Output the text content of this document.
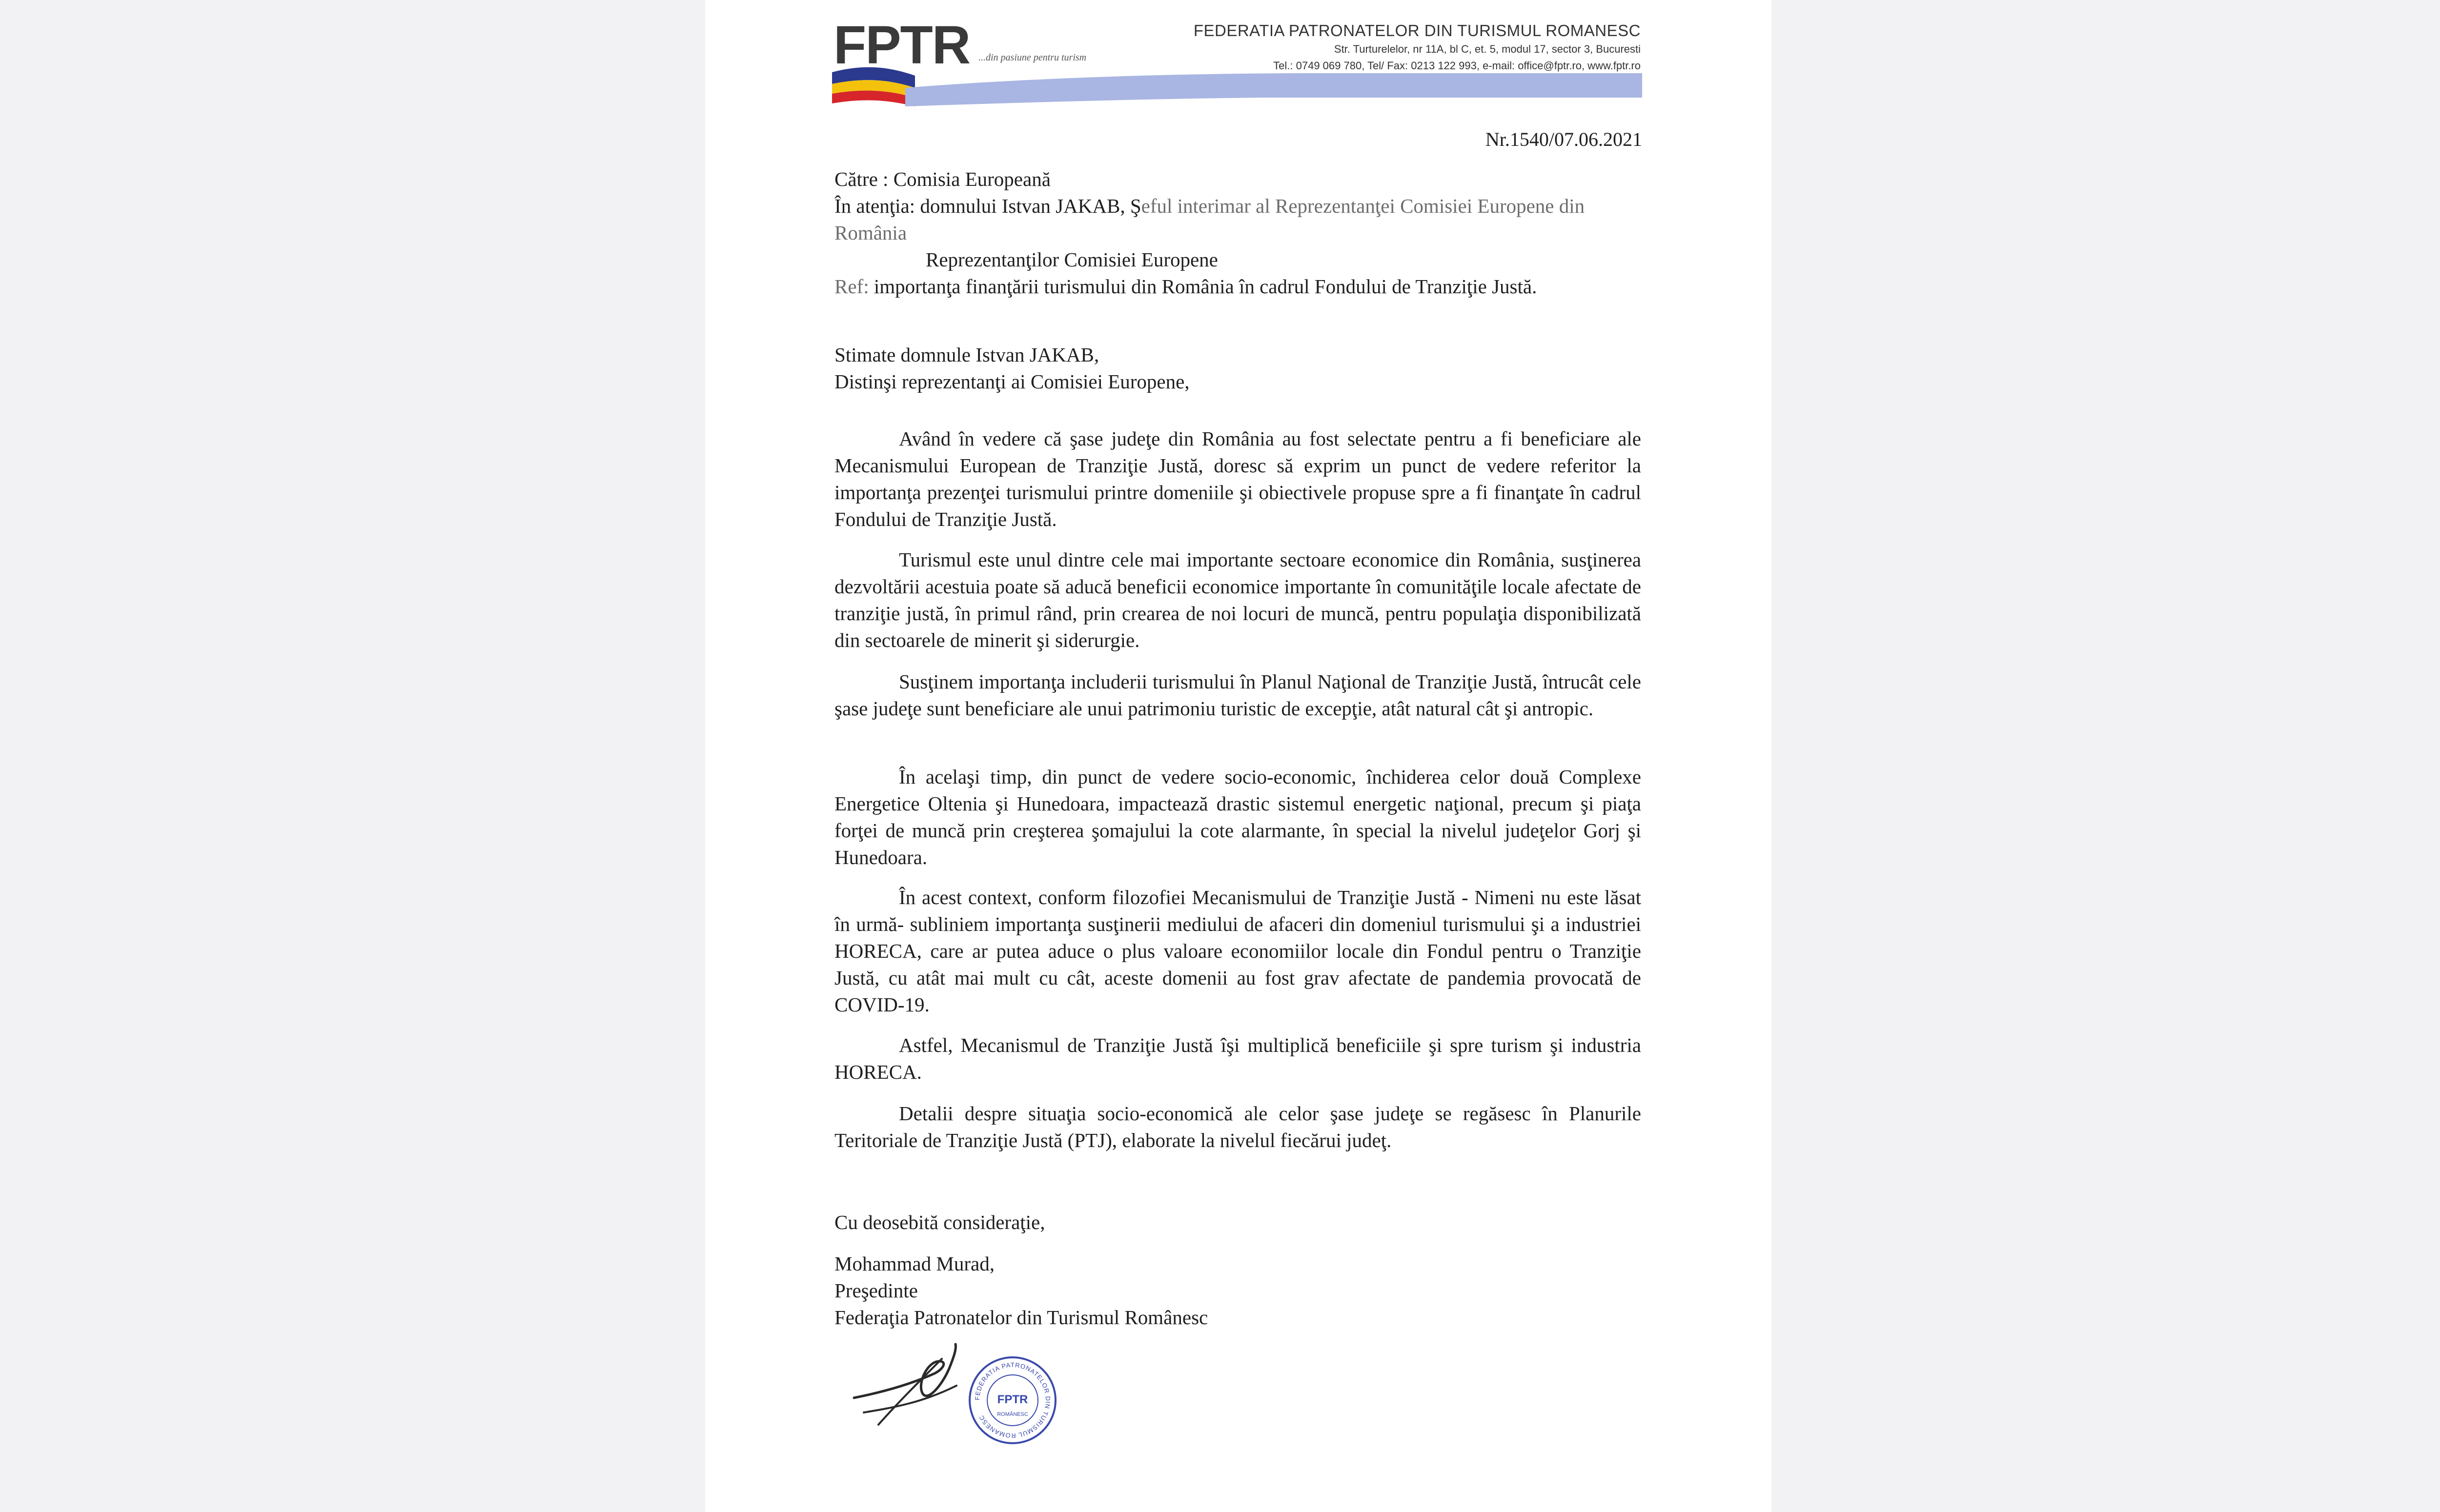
FPTR ...din pasiune pentru turism
FEDERATIA PATRONATELOR DIN TURISMUL ROMANESC
Str. Turturelelor, nr 11A, bl C, et. 5, modul 17, sector 3, Bucuresti
Tel.: 0749 069 780, Tel/ Fax: 0213 122 993, e-mail: office@fptr.ro, www.fptr.ro
Nr.1540/07.06.2021
Către : Comisia Europeană
În atenţia: domnului Istvan JAKAB, Şeful interimar al Reprezentanţei Comisiei Europene din România
Reprezentanţilor Comisiei Europene
Ref: importanţa finanţării turismului din România în cadrul Fondului de Tranziţie Justă.
Stimate domnule Istvan JAKAB,
Distinşi reprezentanţi ai Comisiei Europene,
Având în vedere că şase judeţe din România au fost selectate pentru a fi beneficiare ale Mecanismului European de Tranziţie Justă, doresc să exprim un punct de vedere referitor la importanţa prezenţei turismului printre domeniile şi obiectivele propuse spre a fi finanţate în cadrul Fondului de Tranziţie Justă.
Turismul este unul dintre cele mai importante sectoare economice din România, susţinerea dezvoltării acestuia poate să aducă beneficii economice importante în comunităţile locale afectate de tranziţie justă, în primul rând, prin crearea de noi locuri de muncă, pentru populaţia disponibilizată din sectoarele de minerit şi siderurgie.
Susţinem importanţa includerii turismului în Planul Naţional de Tranziţie Justă, întrucât cele şase judeţe sunt beneficiare ale unui patrimoniu turistic de excepţie, atât natural cât şi antropic.
În acelaşi timp, din punct de vedere socio-economic, închiderea celor două Complexe Energetice Oltenia şi Hunedoara, impactează drastic sistemul energetic naţional, precum şi piaţa forţei de muncă prin creşterea şomajului la cote alarmante, în special la nivelul judeţelor Gorj şi Hunedoara.
În acest context, conform filozofiei Mecanismului de Tranziţie Justă - Nimeni nu este lăsat în urmă- subliniem importanţa susţinerii mediului de afaceri din domeniul turismului şi a industriei HORECA, care ar putea aduce o plus valoare economiilor locale din Fondul pentru o Tranziţie Justă, cu atât mai mult cu cât, aceste domenii au fost grav afectate de pandemia provocată de COVID-19.
Astfel, Mecanismul de Tranziţie Justă îşi multiplică beneficiile şi spre turism şi industria HORECA.
Detalii despre situaţia socio-economică ale celor şase judeţe se regăsesc în Planurile Teritoriale de Tranziţie Justă (PTJ), elaborate la nivelul fiecărui judeţ.
Cu deosebită consideraţie,
Mohammad Murad,
Preşedinte
Federaţia Patronatelor din Turismul Românesc
FEDERATIA PATRONATELOR DIN TURISMUL ROMANESC
FPTR
ROMÂNESC
